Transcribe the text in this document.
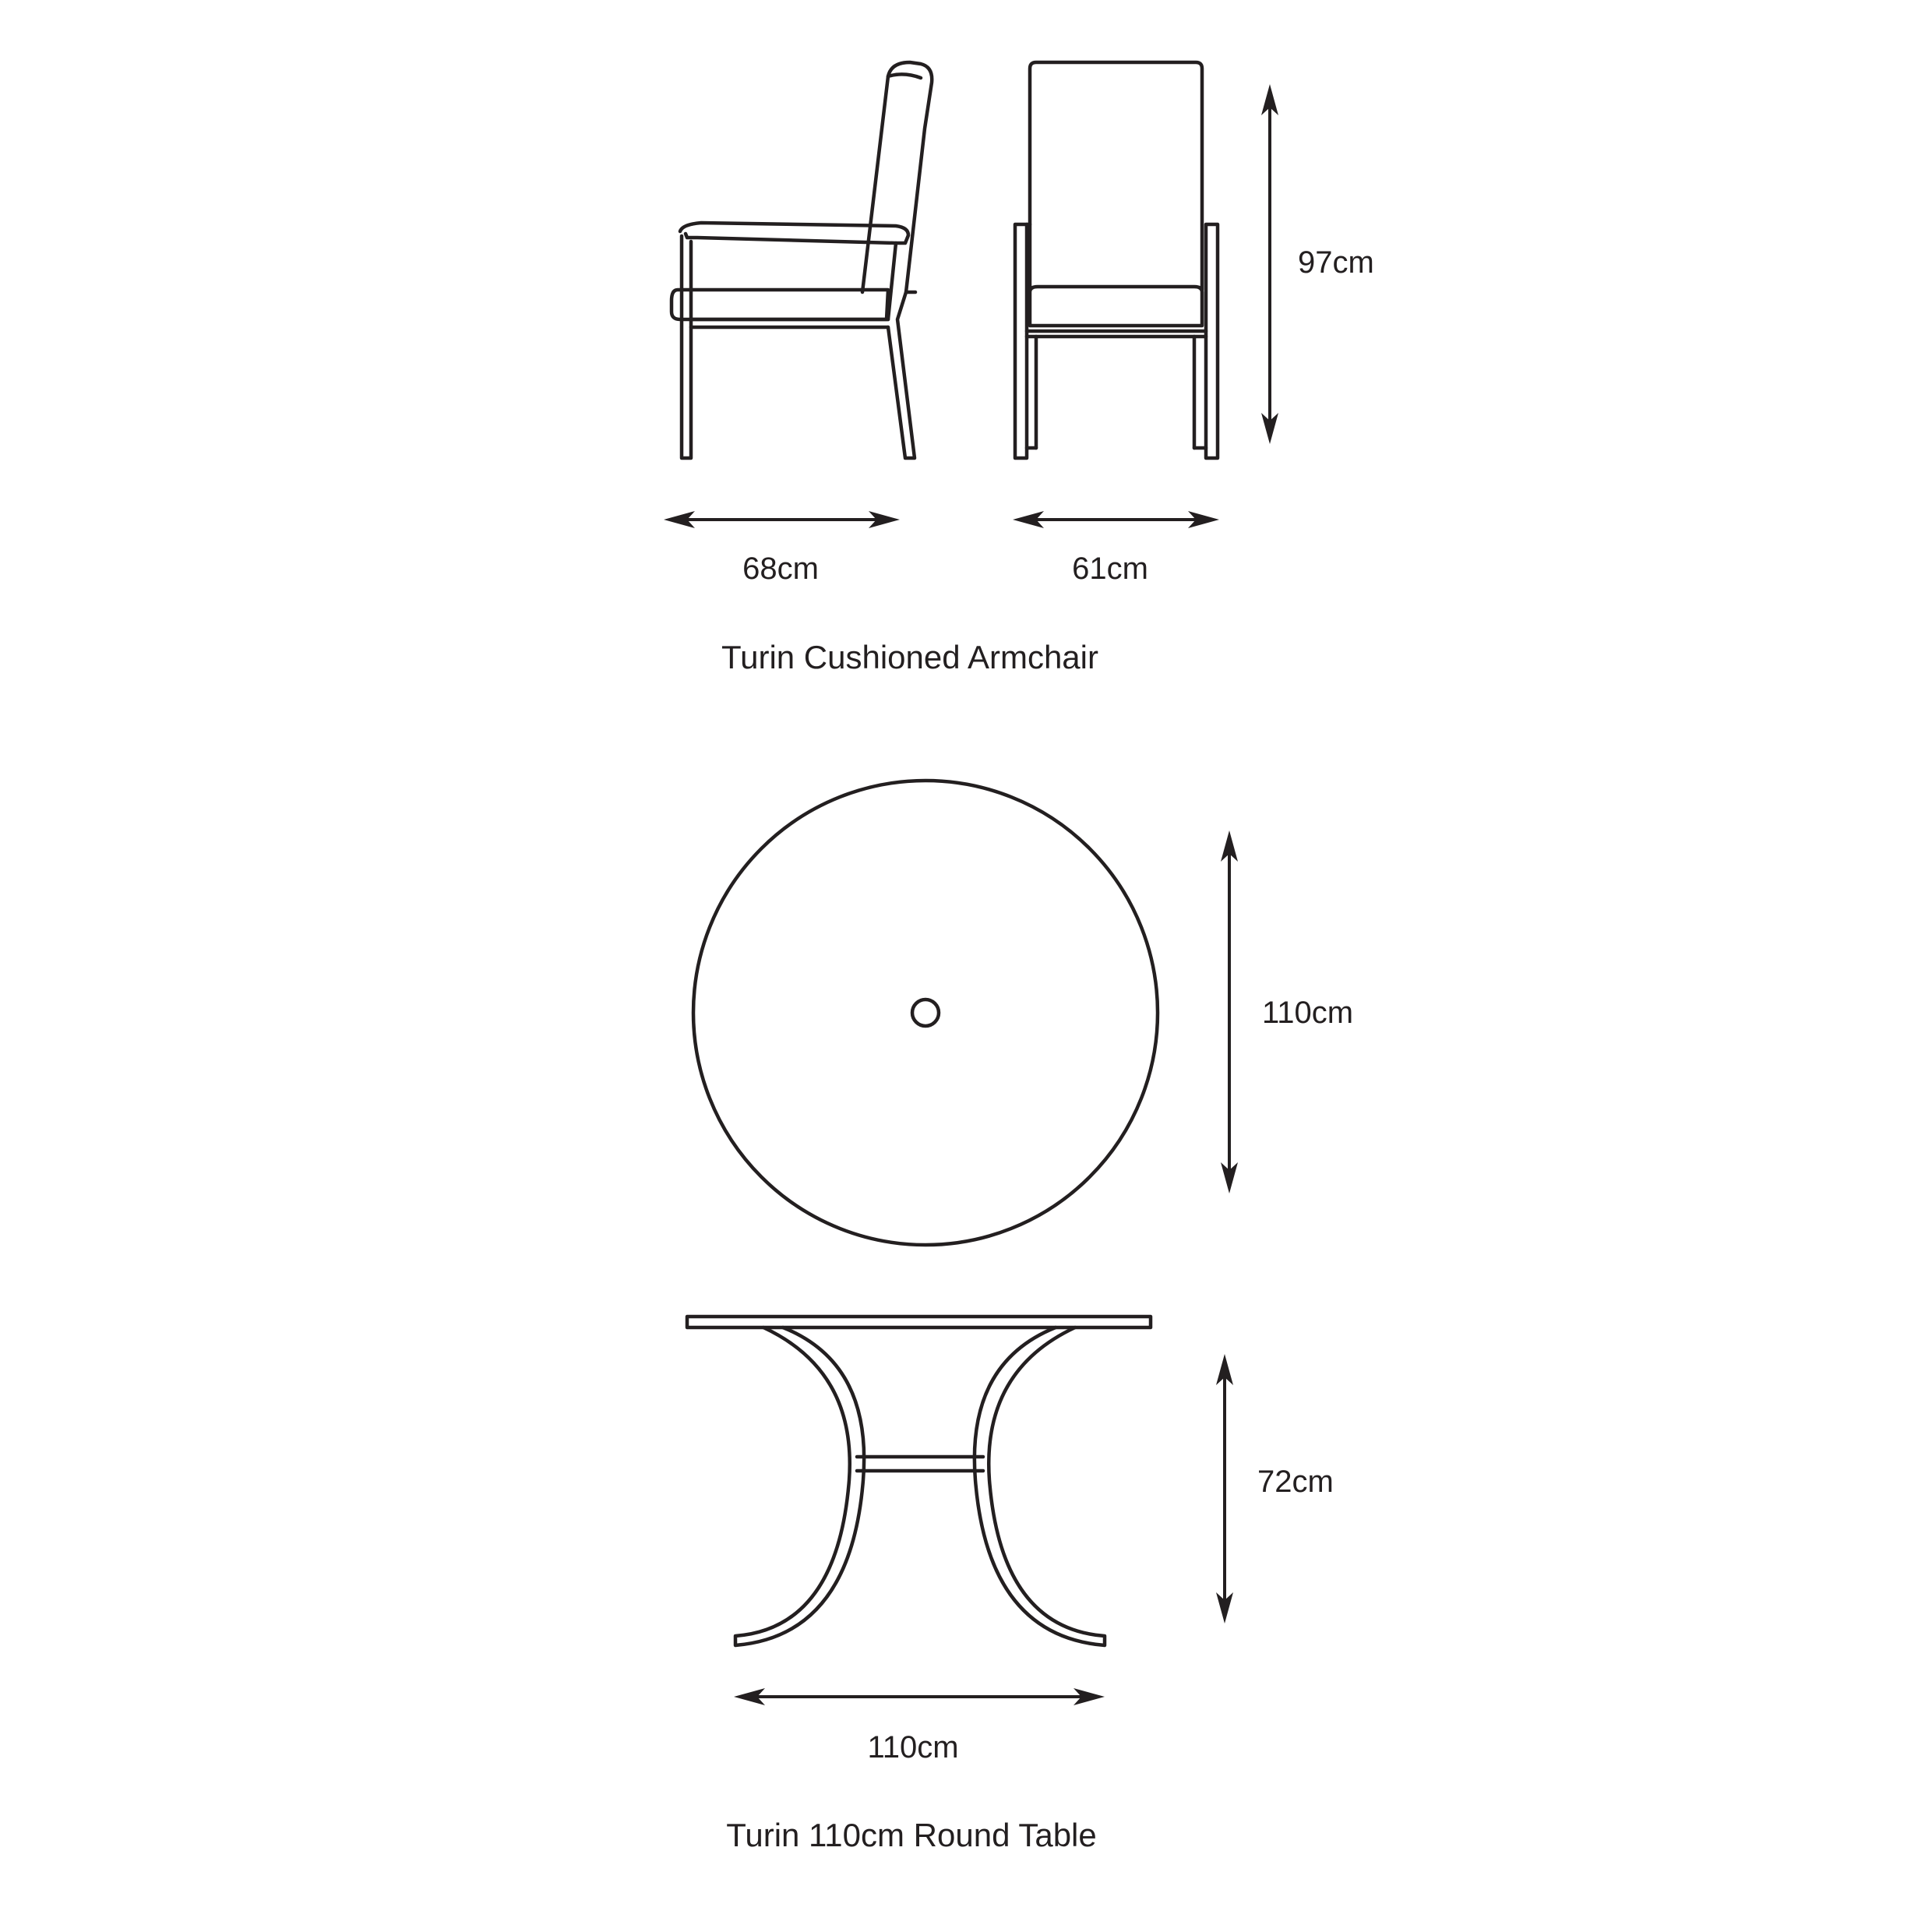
97cm
68cm	61cm
Turin Cushioned Armchair
110cm
72cm
110cm
Turin 110cm Round Table
